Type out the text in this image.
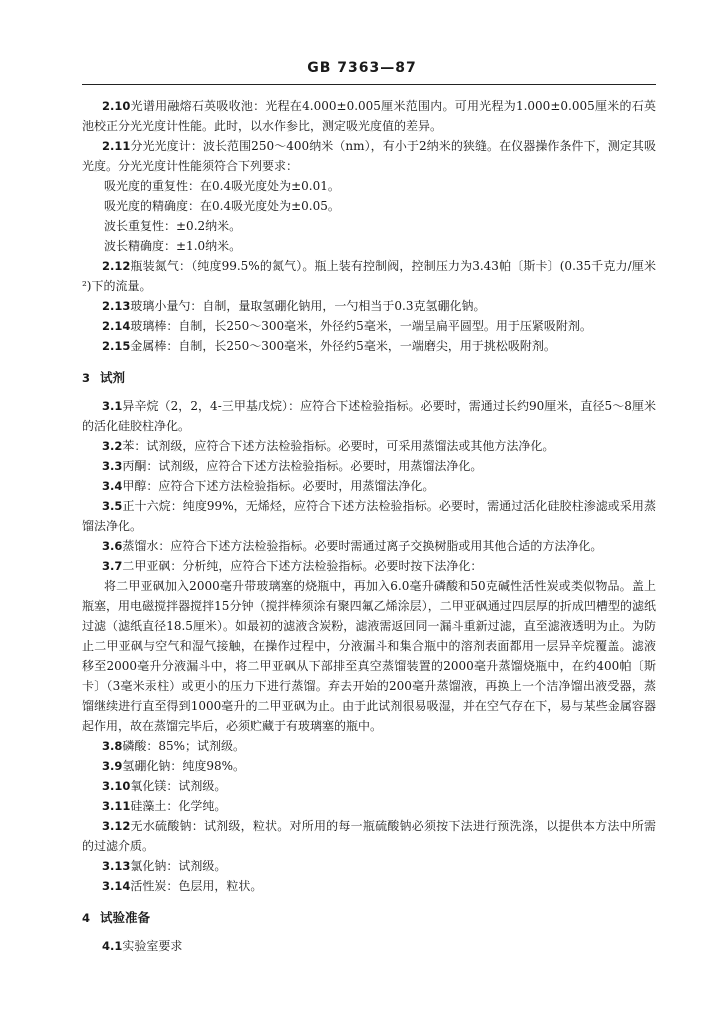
GB 7363—87

2.10光谱用融熔石英吸收池：光程在4.000±0.005厘米范围内。可用光程为1.000±0.005厘米的石英池校正分光光度计性能。此时，以水作参比，测定吸光度值的差异。

2.11分光光度计：波长范围250～400纳米（nm），有小于2纳米的狭缝。在仪器操作条件下，测定其吸光度。分光光度计性能须符合下列要求：

吸光度的重复性：在0.4吸光度处为±0.01。

吸光度的精确度：在0.4吸光度处为±0.05。

波长重复性：±0.2纳米。

波长精确度：±1.0纳米。

2.12瓶装氮气：（纯度99.5%的氮气）。瓶上装有控制阀，控制压力为3.43帕〔斯卡〕(0.35千克力/厘米²)下的流量。

2.13玻璃小量勺：自制，量取氢硼化钠用，一勺相当于0.3克氢硼化钠。

2.14玻璃棒：自制，长250～300毫米，外径约5毫米，一端呈扁平圆型。用于压紧吸附剂。

2.15金属棒：自制，长250～300毫米，外径约5毫米，一端磨尖，用于挑松吸附剂。

3 试剂

3.1异辛烷（2，2，4-三甲基戊烷）：应符合下述检验指标。必要时，需通过长约90厘米，直径5～8厘米的活化硅胶柱净化。

3.2苯：试剂级，应符合下述方法检验指标。必要时，可采用蒸馏法或其他方法净化。

3.3丙酮：试剂级，应符合下述方法检验指标。必要时，用蒸馏法净化。

3.4甲醇：应符合下述方法检验指标。必要时，用蒸馏法净化。

3.5正十六烷：纯度99%，无烯烃，应符合下述方法检验指标。必要时，需通过活化硅胶柱渗滤或采用蒸馏法净化。

3.6蒸馏水：应符合下述方法检验指标。必要时需通过离子交换树脂或用其他合适的方法净化。

3.7二甲亚砜：分析纯，应符合下述方法检验指标。必要时按下法净化：

将二甲亚砜加入2000毫升带玻璃塞的烧瓶中，再加入6.0毫升磷酸和50克碱性活性炭或类似物品。盖上瓶塞，用电磁搅拌器搅拌15分钟（搅拌棒须涂有聚四氟乙烯涂层），二甲亚砜通过四层厚的折成凹槽型的滤纸过滤（滤纸直径18.5厘米）。如最初的滤液含炭粉，滤液需返回同一漏斗重新过滤，直至滤液透明为止。为防止二甲亚砜与空气和湿气接触，在操作过程中，分液漏斗和集合瓶中的溶剂表面都用一层异辛烷覆盖。滤液移至2000毫升分液漏斗中，将二甲亚砜从下部排至真空蒸馏装置的2000毫升蒸馏烧瓶中，在约400帕〔斯卡〕（3毫米汞柱）或更小的压力下进行蒸馏。弃去开始的200毫升蒸馏液，再换上一个洁净馏出液受器，蒸馏继续进行直至得到1000毫升的二甲亚砜为止。由于此试剂很易吸湿，并在空气存在下，易与某些金属容器起作用，故在蒸馏完毕后，必须贮藏于有玻璃塞的瓶中。

3.8磷酸：85%；试剂级。

3.9氢硼化钠：纯度98%。

3.10氧化镁：试剂级。

3.11硅藻土：化学纯。

3.12无水硫酸钠：试剂级，粒状。对所用的每一瓶硫酸钠必须按下法进行预洗涤，以提供本方法中所需的过滤介质。

3.13氯化钠：试剂级。

3.14活性炭：色层用，粒状。

4 试验准备

4.1实验室要求
